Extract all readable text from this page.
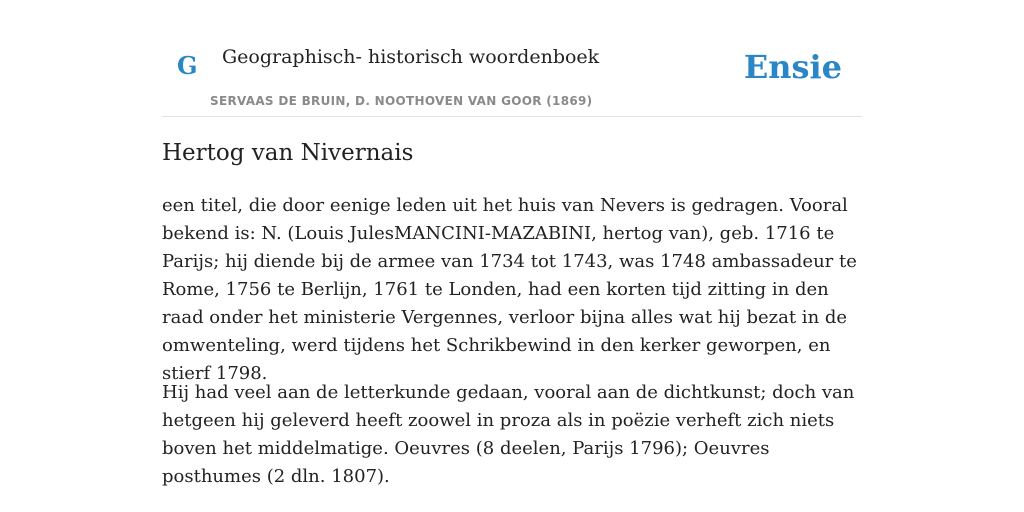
G Geographisch- historisch woordenboek
SERVAAS DE BRUIN, D. NOOTHOVEN VAN GOOR (1869)
Ensie
Hertog van Nivernais

een titel, die door eenige leden uit het huis van Nevers is gedragen. Vooral bekend is: N. (Louis JulesMANCINI-MAZABINI, hertog van), geb. 1716 te Parijs; hij diende bij de armee van 1734 tot 1743, was 1748 ambassadeur te Rome, 1756 te Berlijn, 1761 te Londen, had een korten tijd zitting in den raad onder het ministerie Vergennes, verloor bijna alles wat hij bezat in de omwenteling, werd tijdens het Schrikbewind in den kerker geworpen, en stierf 1798.

Hij had veel aan de letterkunde gedaan, vooral aan de dichtkunst; doch van hetgeen hij geleverd heeft zoowel in proza als in poëzie verheft zich niets boven het middelmatige. Oeuvres (8 deelen, Parijs 1796); Oeuvres posthumes (2 dln. 1807).
